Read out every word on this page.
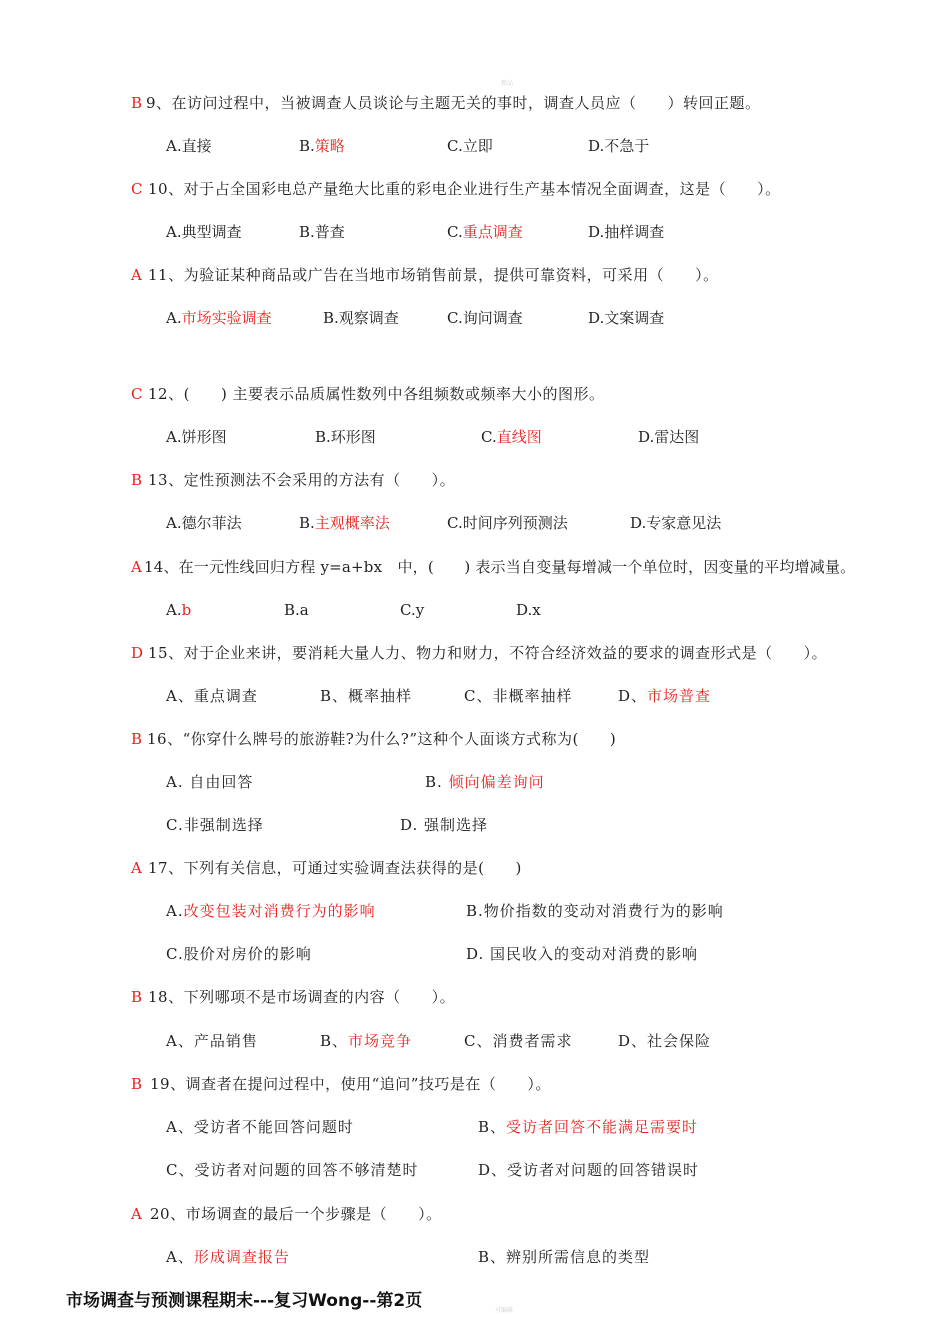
精品
B 9、在访问过程中，当被调查人员谈论与主题无关的事时，调查人员应（　　）转回正题。
A.直接	B.策略	C.立即	D.不急于
C 10、对于占全国彩电总产量绝大比重的彩电企业进行生产基本情况全面调查，这是（　　）。
A.典型调查	B.普查	C.重点调查	D.抽样调查
A 11、为验证某种商品或广告在当地市场销售前景，提供可靠资料，可采用（　　）。
A.市场实验调查	B.观察调查	C.询问调查	D.文案调查
C 12、(　　) 主要表示品质属性数列中各组频数或频率大小的图形。
A.饼形图	B.环形图	C.直线图	D.雷达图
B 13、定性预测法不会采用的方法有（　　）。
A.德尔菲法	B.主观概率法	C.时间序列预测法	D.专家意见法
A 14、在一元性线回归方程 y=a+bx　中，(　　) 表示当自变量每增减一个单位时，因变量的平均增减量。
A.b	B.a	C.y	D.x
D 15、对于企业来讲，要消耗大量人力、物力和财力，不符合经济效益的要求的调查形式是（　　）。
A、重点调查	B、概率抽样	C、非概率抽样	D、市场普查
B 16、“你穿什么牌号的旅游鞋?为什么?”这种个人面谈方式称为(　　)
A. 自由回答	B. 倾向偏差询问
C.非强制选择	D. 强制选择
A 17、下列有关信息，可通过实验调查法获得的是(　　)
A.改变包装对消费行为的影响	B.物价指数的变动对消费行为的影响
C.股价对房价的影响	D. 国民收入的变动对消费的影响
B 18、下列哪项不是市场调查的内容（　　）。
A、产品销售	B、市场竞争	C、消费者需求	D、社会保险
B 19、调查者在提问过程中，使用“追问”技巧是在（　　）。
A、受访者不能回答问题时	B、受访者回答不能满足需要时
C、受访者对问题的回答不够清楚时	D、受访者对问题的回答错误时
A 20、市场调查的最后一个步骤是（　　）。
A、形成调查报告	B、辨别所需信息的类型
市场调查与预测课程期末---复习Wong--第2页	可编辑
